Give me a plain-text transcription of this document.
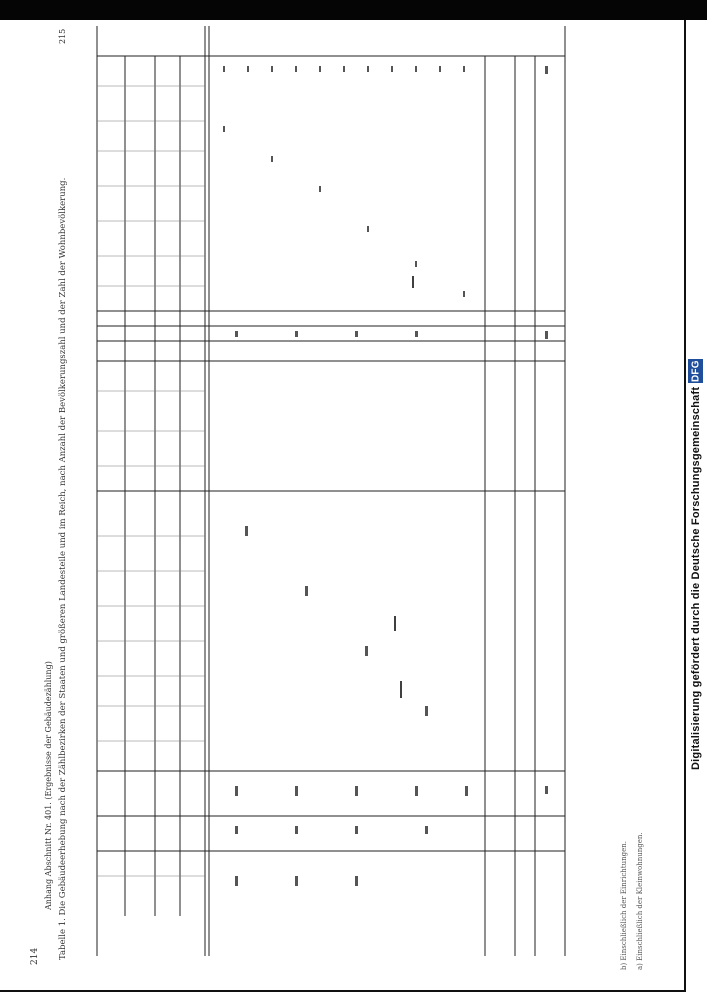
Digitalisierung gefördert durch die Deutsche Forschungsgemeinschaft
DFG
214
Anhang Abschnitt Nr. 401. (Ergebnisse der Gebäudezählung) Tabelle 1. Die Gebäudeerhebung nach der Zählbezirken der Staaten und größeren Landesteile und im Reich, nach Anzahl der Bevölkerungszahl und der Zahl der Wohnbevölkerung.
215
a) Einschließlich der Kleinwohnungen.
b) Einschließlich der Einrichtungen.
